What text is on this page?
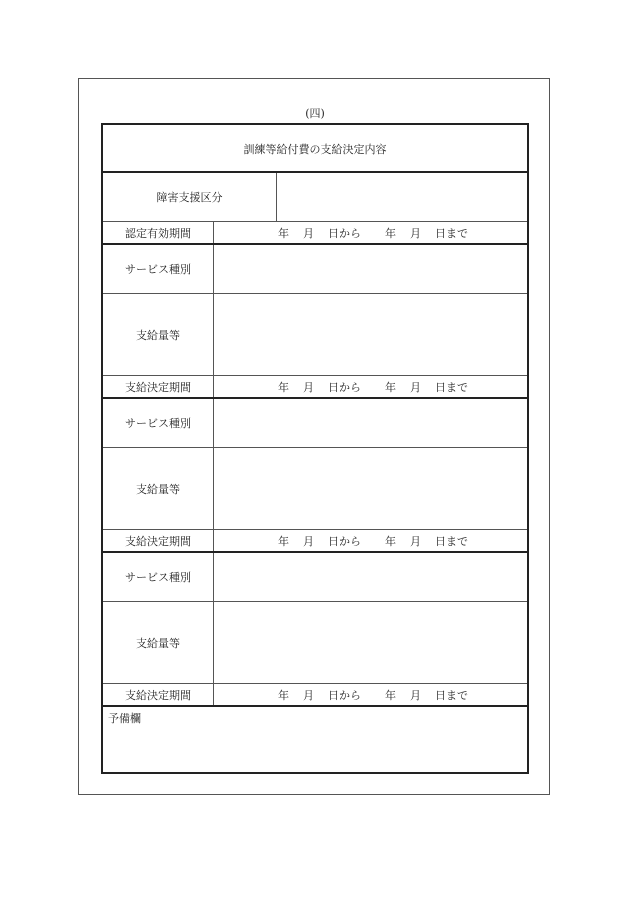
(四)
訓練等給付費の支給決定内容
障害支援区分
認定有効期間	年 月 日から 年 月 日まで
サービス種別
支給量等
支給決定期間	年 月 日から 年 月 日まで
サービス種別
支給量等
支給決定期間	年 月 日から 年 月 日まで
サービス種別
支給量等
支給決定期間	年 月 日から 年 月 日まで
予備欄
